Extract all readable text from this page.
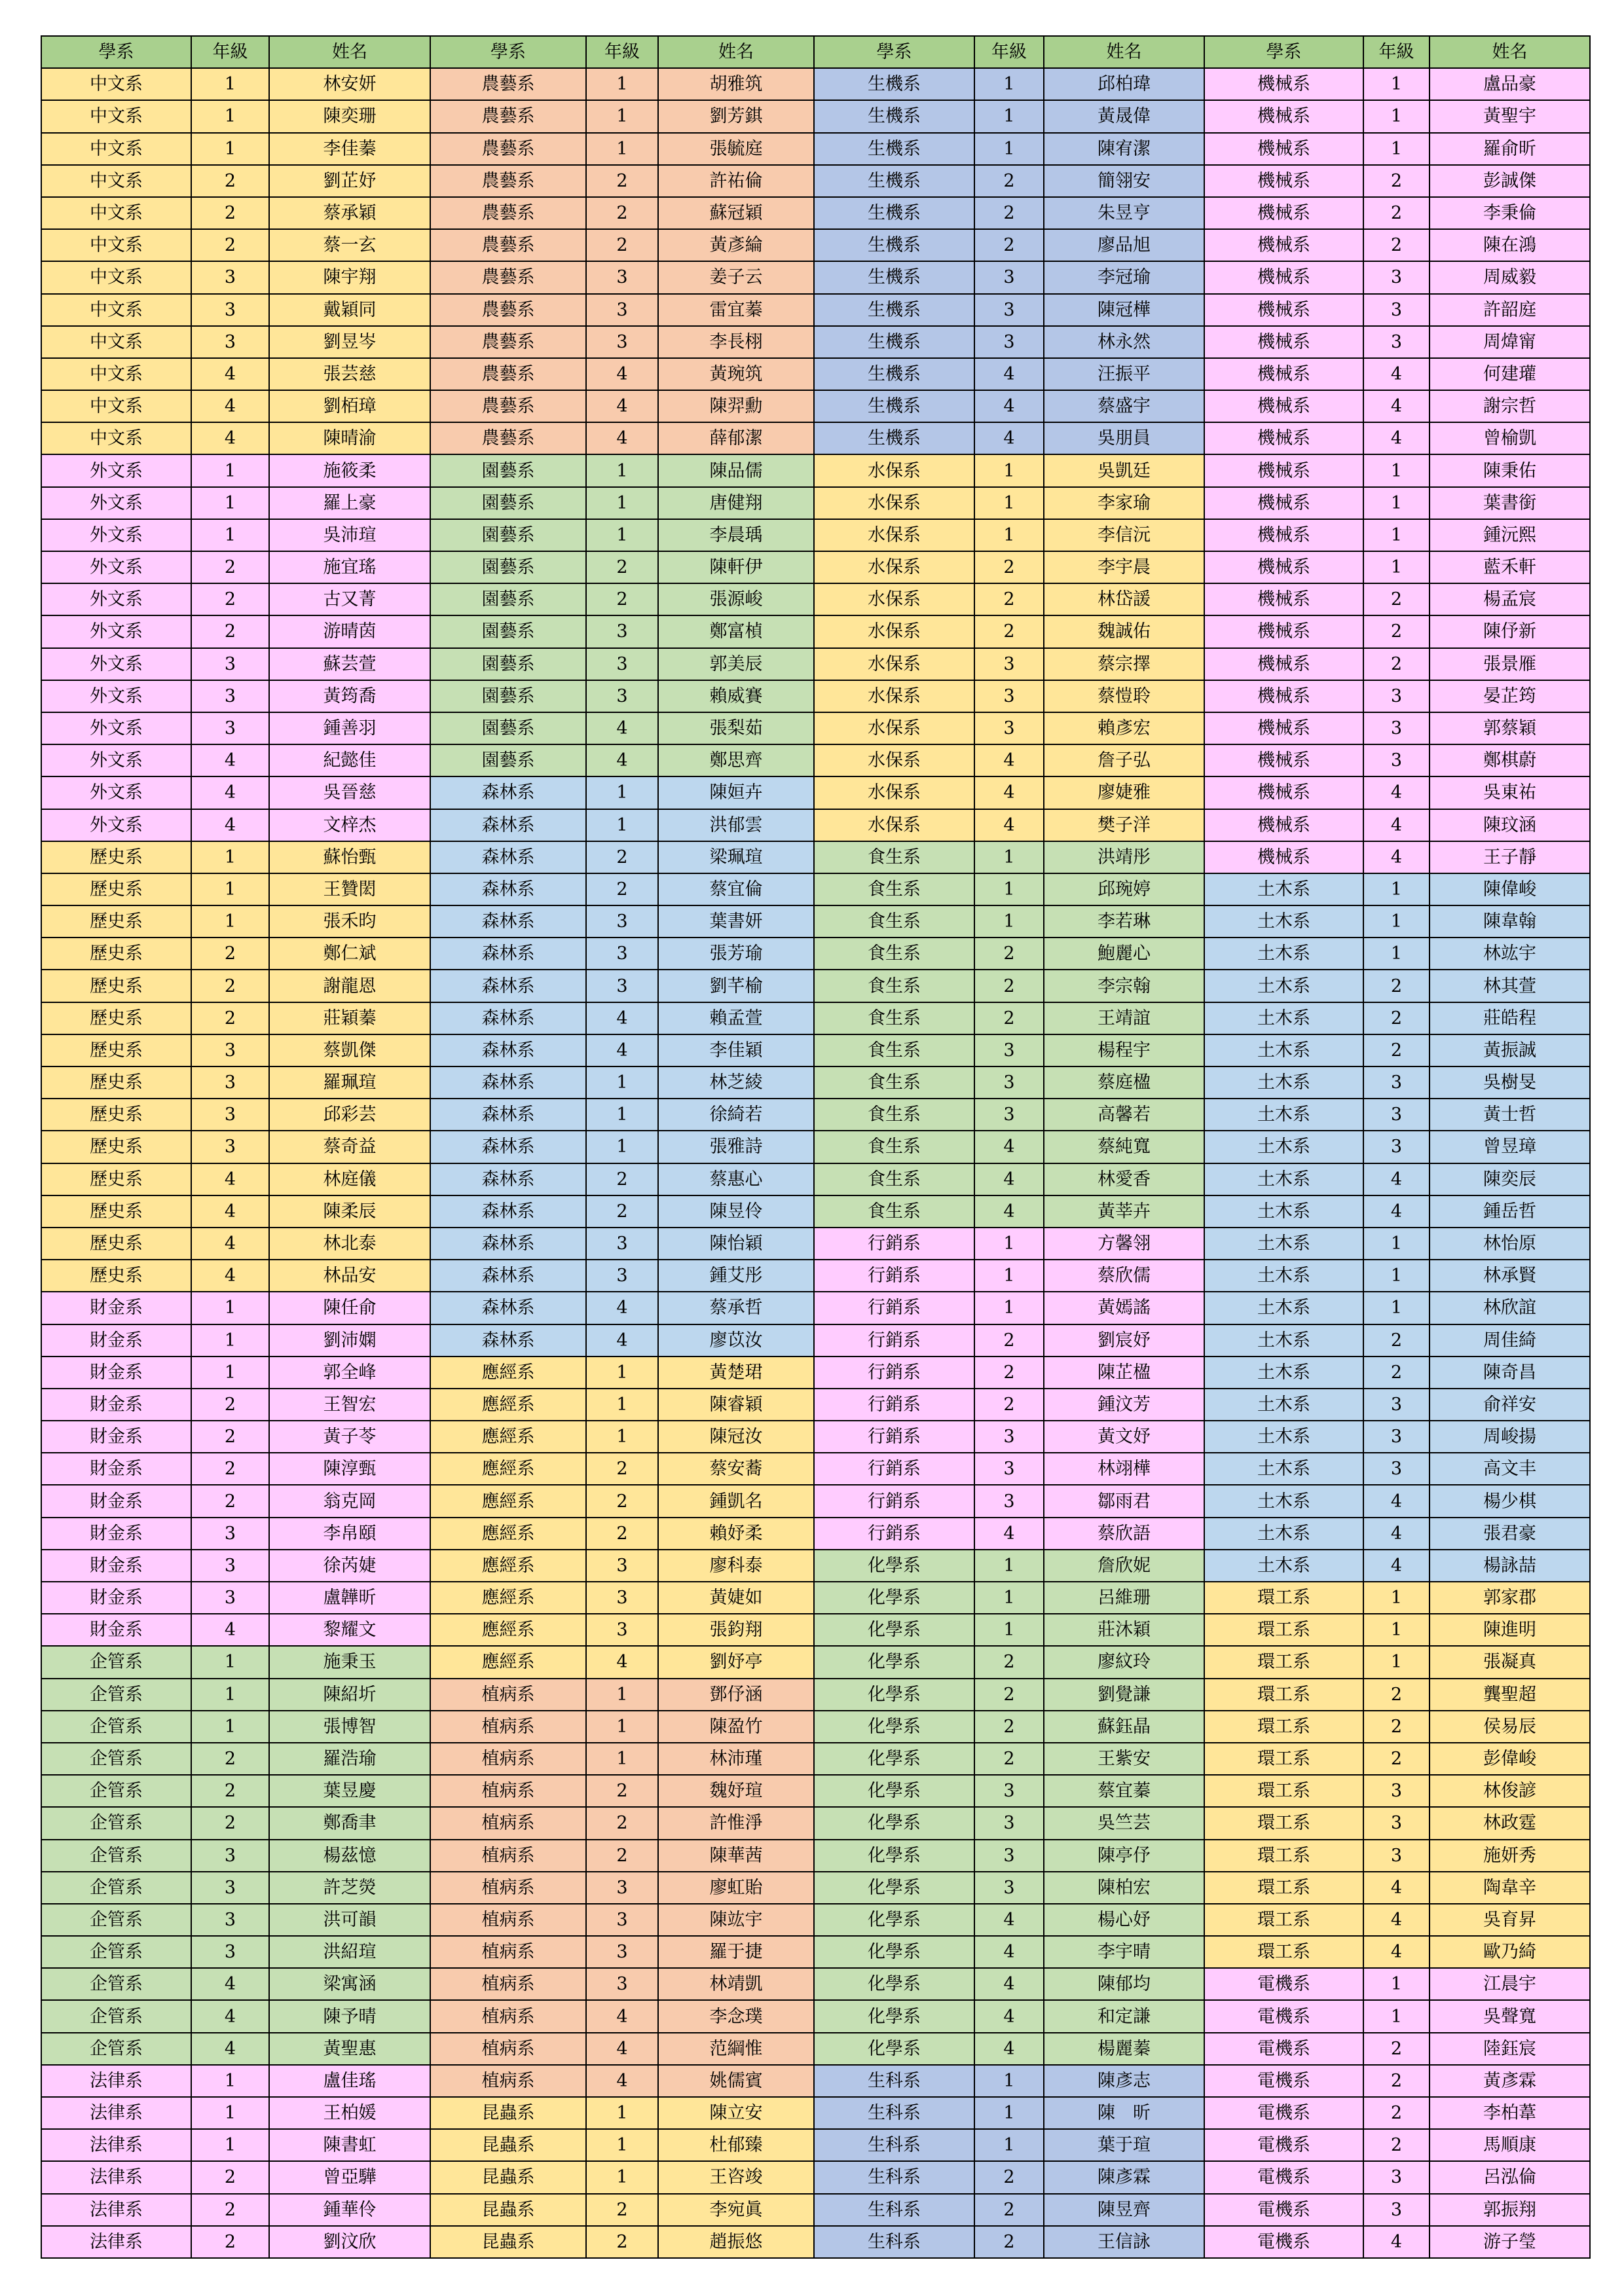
學系	年級	姓名	學系	年級	姓名	學系	年級	姓名	學系	年級	姓名
中文系	1	林安妍	農藝系	1	胡雅筑	生機系	1	邱柏瑋	機械系	1	盧品豪
中文系	1	陳奕珊	農藝系	1	劉芳錤	生機系	1	黃晟偉	機械系	1	黃聖宇
中文系	1	李佳蓁	農藝系	1	張毓庭	生機系	1	陳宥潔	機械系	1	羅俞昕
中文系	2	劉芷妤	農藝系	2	許祐倫	生機系	2	簡翎安	機械系	2	彭誠傑
中文系	2	蔡承穎	農藝系	2	蘇冠穎	生機系	2	朱昱亨	機械系	2	李秉倫
中文系	2	蔡一玄	農藝系	2	黃彥綸	生機系	2	廖品旭	機械系	2	陳在鴻
中文系	3	陳宇翔	農藝系	3	姜子云	生機系	3	李冠瑜	機械系	3	周威毅
中文系	3	戴穎同	農藝系	3	雷宜蓁	生機系	3	陳冠樺	機械系	3	許韶庭
中文系	3	劉昱岑	農藝系	3	李長栩	生機系	3	林永然	機械系	3	周煒甯
中文系	4	張芸慈	農藝系	4	黃琬筑	生機系	4	汪振平	機械系	4	何建瓘
中文系	4	劉栢璋	農藝系	4	陳羿勳	生機系	4	蔡盛宇	機械系	4	謝宗哲
中文系	4	陳晴渝	農藝系	4	薛郁潔	生機系	4	吳朋員	機械系	4	曾榆凱
外文系	1	施筱柔	園藝系	1	陳品儒	水保系	1	吳凱廷	機械系	1	陳秉佑
外文系	1	羅上豪	園藝系	1	唐健翔	水保系	1	李家瑜	機械系	1	葉書銜
外文系	1	吳沛瑄	園藝系	1	李晨瑀	水保系	1	李信沅	機械系	1	鍾沅熙
外文系	2	施宜瑤	園藝系	2	陳軒伊	水保系	2	李宇晨	機械系	1	藍禾軒
外文系	2	古又菁	園藝系	2	張源峻	水保系	2	林岱諼	機械系	2	楊孟宸
外文系	2	游晴茵	園藝系	3	鄭富楨	水保系	2	魏誠佑	機械系	2	陳伃新
外文系	3	蘇芸萱	園藝系	3	郭美辰	水保系	3	蔡宗擇	機械系	2	張景雁
外文系	3	黃筠喬	園藝系	3	賴威賽	水保系	3	蔡愷聆	機械系	3	晏芷筠
外文系	3	鍾善羽	園藝系	4	張梨茹	水保系	3	賴彥宏	機械系	3	郭蔡穎
外文系	4	紀懿佳	園藝系	4	鄭思齊	水保系	4	詹子弘	機械系	3	鄭棋蔚
外文系	4	吳晉慈	森林系	1	陳姮卉	水保系	4	廖婕雅	機械系	4	吳東祐
外文系	4	文梓杰	森林系	1	洪郁雲	水保系	4	樊子洋	機械系	4	陳玟涵
歷史系	1	蘇怡甄	森林系	2	梁珮瑄	食生系	1	洪靖彤	機械系	4	王子靜
歷史系	1	王贊閎	森林系	2	蔡宜倫	食生系	1	邱琬婷	土木系	1	陳偉峻
歷史系	1	張禾昀	森林系	3	葉書妍	食生系	1	李若琳	土木系	1	陳韋翰
歷史系	2	鄭仁斌	森林系	3	張芳瑜	食生系	2	鮑麗心	土木系	1	林竑宇
歷史系	2	謝龍恩	森林系	3	劉芊榆	食生系	2	李宗翰	土木系	2	林其萱
歷史系	2	莊穎蓁	森林系	4	賴孟萱	食生系	2	王靖誼	土木系	2	莊皓程
歷史系	3	蔡凱傑	森林系	4	李佳穎	食生系	3	楊程宇	土木系	2	黃振誠
歷史系	3	羅珮瑄	森林系	1	林芝綾	食生系	3	蔡庭楹	土木系	3	吳樹旻
歷史系	3	邱彩芸	森林系	1	徐綺若	食生系	3	高馨若	土木系	3	黃士哲
歷史系	3	蔡奇益	森林系	1	張雅詩	食生系	4	蔡純寬	土木系	3	曾昱璋
歷史系	4	林庭儀	森林系	2	蔡惠心	食生系	4	林愛香	土木系	4	陳奕辰
歷史系	4	陳柔辰	森林系	2	陳昱伶	食生系	4	黃莘卉	土木系	4	鍾岳哲
歷史系	4	林北泰	森林系	3	陳怡穎	行銷系	1	方馨翎	土木系	1	林怡原
歷史系	4	林品安	森林系	3	鍾艾彤	行銷系	1	蔡欣儒	土木系	1	林承賢
財金系	1	陳任俞	森林系	4	蔡承哲	行銷系	1	黃嫣謠	土木系	1	林欣誼
財金系	1	劉沛嫻	森林系	4	廖苡汝	行銷系	2	劉宸妤	土木系	2	周佳綺
財金系	1	郭全峰	應經系	1	黃楚珺	行銷系	2	陳芷楹	土木系	2	陳奇昌
財金系	2	王智宏	應經系	1	陳睿穎	行銷系	2	鍾汶芳	土木系	3	俞祥安
財金系	2	黃子苓	應經系	1	陳冠汝	行銷系	3	黃文妤	土木系	3	周峻揚
財金系	2	陳淳甄	應經系	2	蔡安蕎	行銷系	3	林翊樺	土木系	3	高文丰
財金系	2	翁克岡	應經系	2	鍾凱名	行銷系	3	鄒雨君	土木系	4	楊少棋
財金系	3	李帛頤	應經系	2	賴妤柔	行銷系	4	蔡欣語	土木系	4	張君豪
財金系	3	徐芮婕	應經系	3	廖科泰	化學系	1	詹欣妮	土木系	4	楊詠喆
財金系	3	盧韡昕	應經系	3	黃婕如	化學系	1	呂維珊	環工系	1	郭家郡
財金系	4	黎耀文	應經系	3	張鈞翔	化學系	1	莊沐穎	環工系	1	陳進明
企管系	1	施秉玉	應經系	4	劉妤亭	化學系	2	廖紋玲	環工系	1	張凝真
企管系	1	陳紹圻	植病系	1	鄧伃涵	化學系	2	劉覺謙	環工系	2	龔聖超
企管系	1	張博智	植病系	1	陳盈竹	化學系	2	蘇鈺晶	環工系	2	侯易辰
企管系	2	羅浩瑜	植病系	1	林沛瑾	化學系	2	王紫安	環工系	2	彭偉峻
企管系	2	葉昱慶	植病系	2	魏妤瑄	化學系	3	蔡宜蓁	環工系	3	林俊諺
企管系	2	鄭喬聿	植病系	2	許惟淨	化學系	3	吳竺芸	環工系	3	林政霆
企管系	3	楊茲憶	植病系	2	陳華茜	化學系	3	陳亭伃	環工系	3	施妍秀
企管系	3	許芝熒	植病系	3	廖虹貽	化學系	3	陳柏宏	環工系	4	陶韋辛
企管系	3	洪可韻	植病系	3	陳竑宇	化學系	4	楊心妤	環工系	4	吳育昇
企管系	3	洪紹瑄	植病系	3	羅于捷	化學系	4	李宇晴	環工系	4	歐乃綺
企管系	4	梁寓涵	植病系	3	林靖凱	化學系	4	陳郁均	電機系	1	江晨宇
企管系	4	陳予晴	植病系	4	李念璞	化學系	4	和定謙	電機系	1	吳聲寬
企管系	4	黃聖惠	植病系	4	范綱惟	化學系	4	楊麗蓁	電機系	2	陸鈺宸
法律系	1	盧佳瑤	植病系	4	姚儒賓	生科系	1	陳彥志	電機系	2	黃彥霖
法律系	1	王柏媛	昆蟲系	1	陳立安	生科系	1	陳　昕	電機系	2	李柏葦
法律系	1	陳書虹	昆蟲系	1	杜郁臻	生科系	1	葉于瑄	電機系	2	馬順康
法律系	2	曾亞驊	昆蟲系	1	王咨竣	生科系	2	陳彥霖	電機系	3	呂泓倫
法律系	2	鍾華伶	昆蟲系	2	李宛眞	生科系	2	陳昱齊	電機系	3	郭振翔
法律系	2	劉汶欣	昆蟲系	2	趙振悠	生科系	2	王信詠	電機系	4	游子瑩
